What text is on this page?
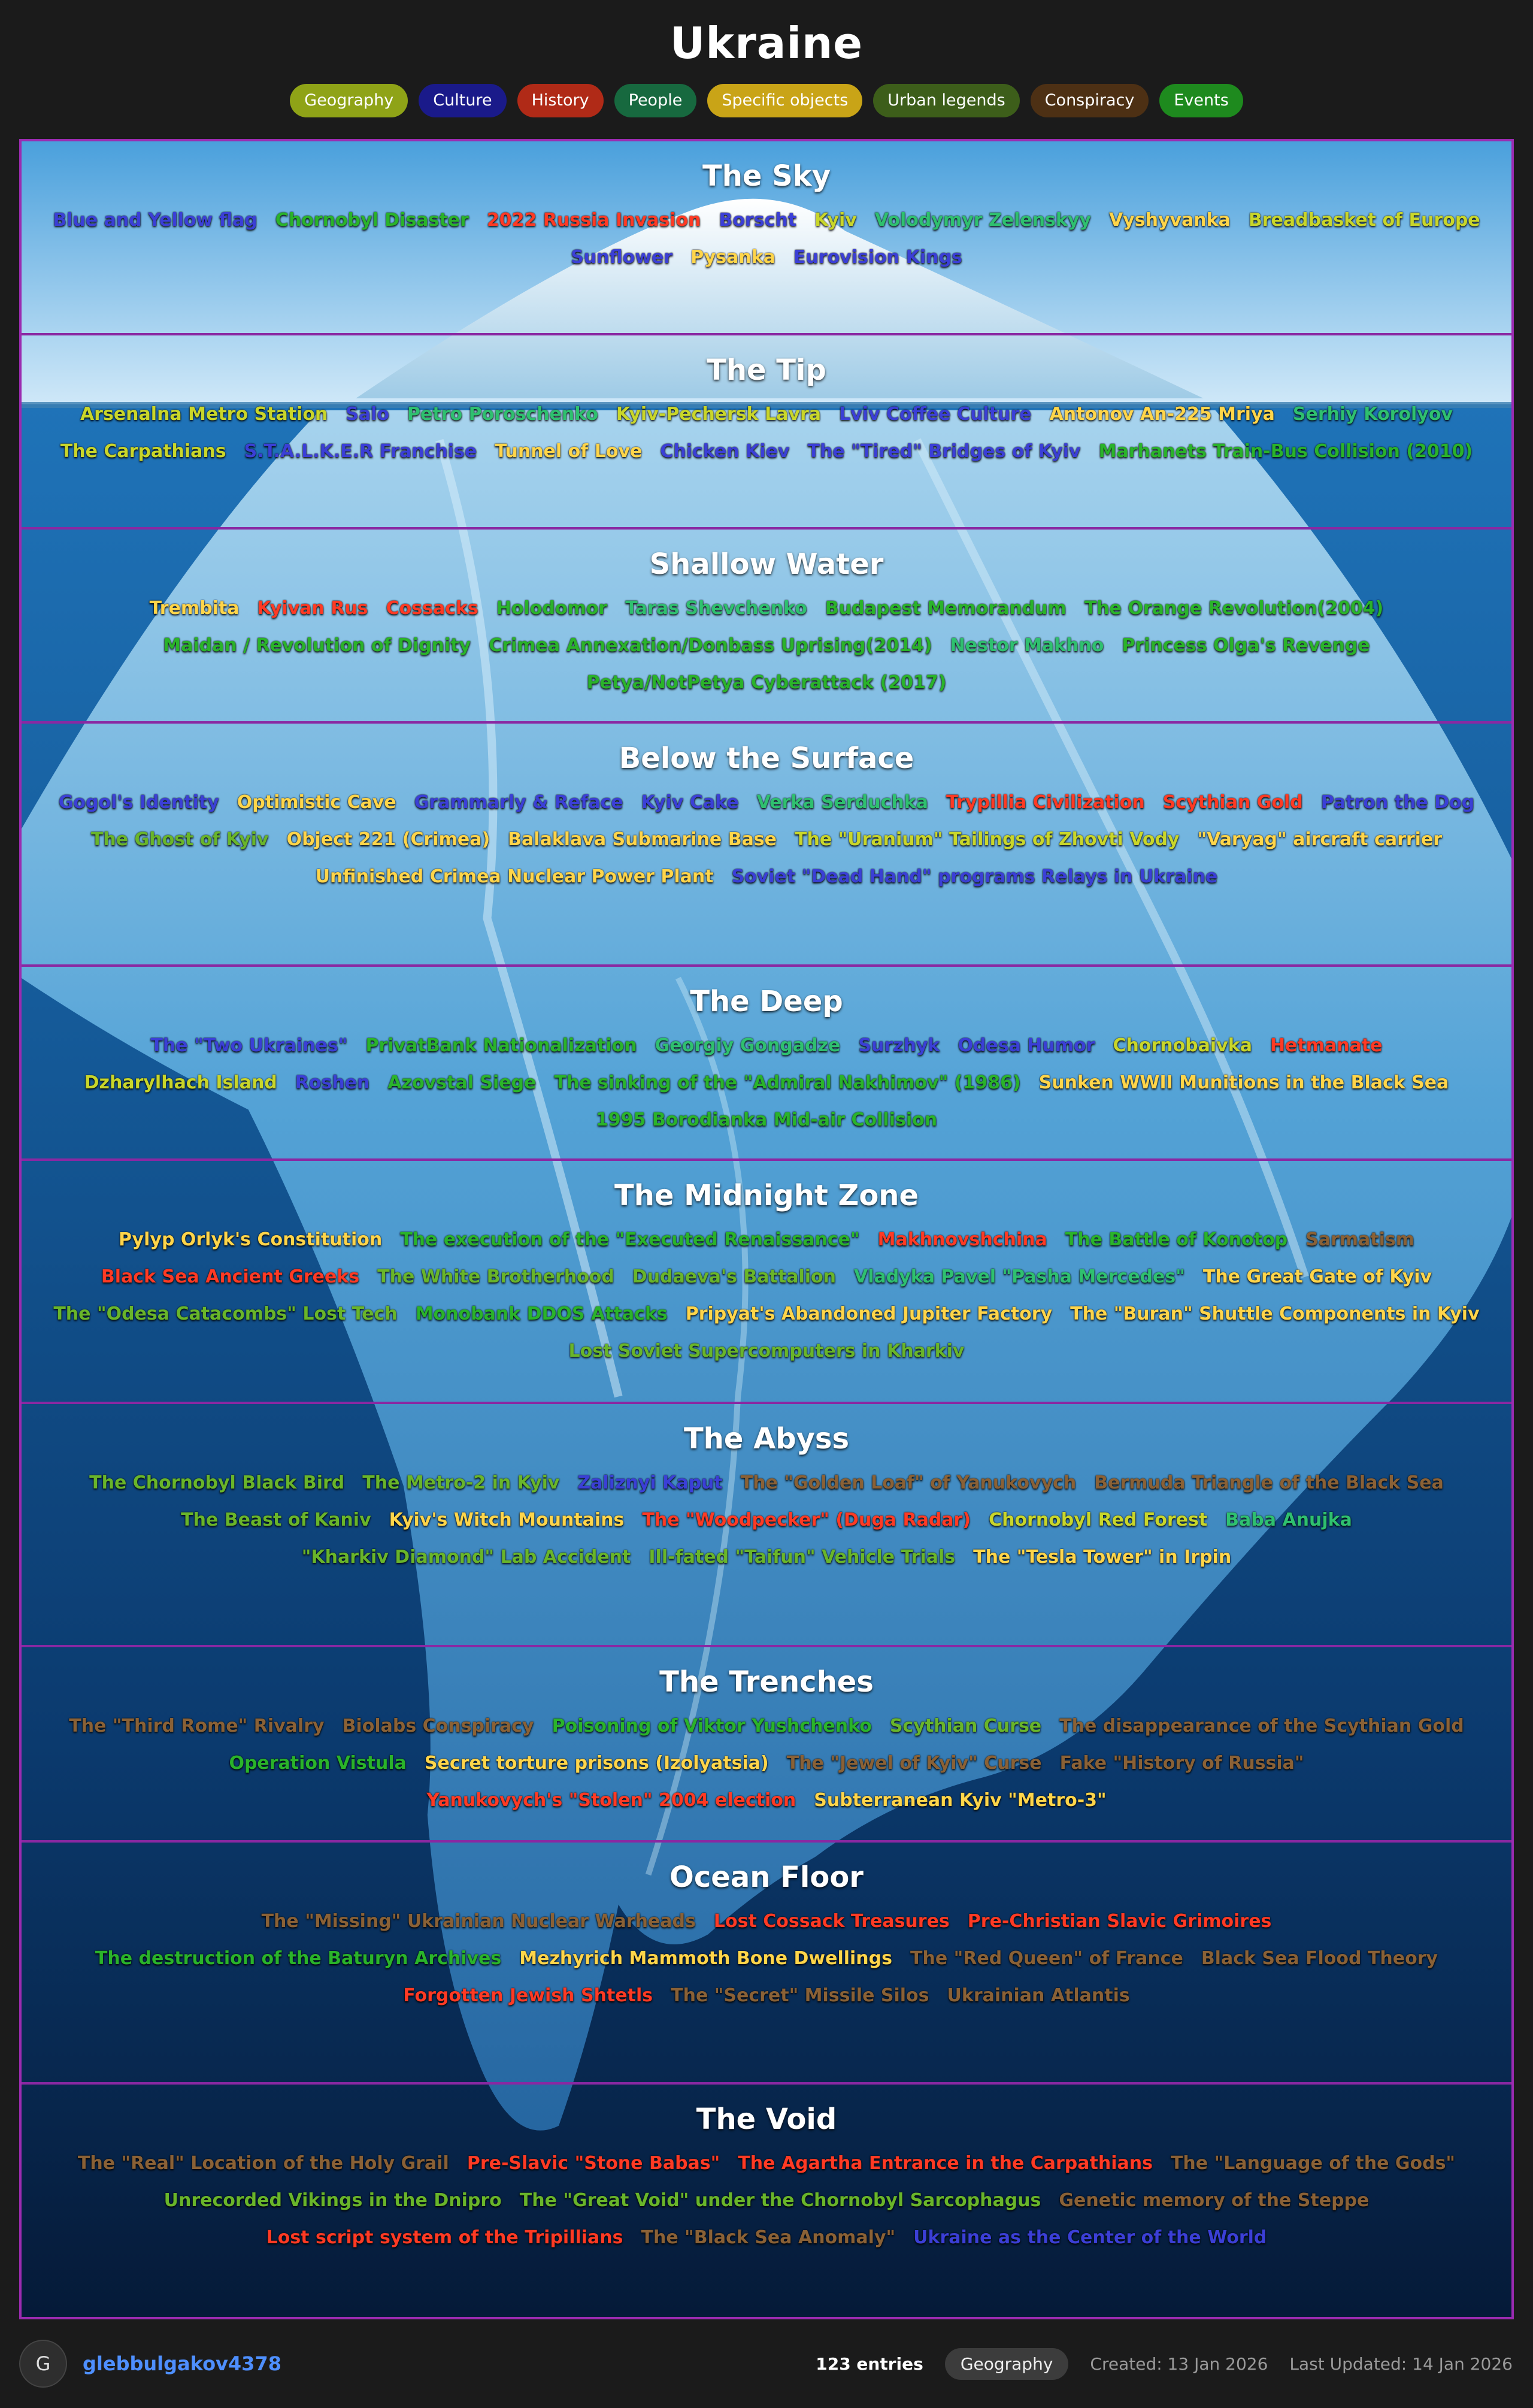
Ukraine
Geography	Culture	History	People	Specific objects	Urban legends	Conspiracy	Events
The Sky
Blue and Yellow flag Chornobyl Disaster 2022 Russia Invasion Borscht Kyiv Volodymyr Zelenskyy Vyshyvanka Breadbasket of Europe
Sunflower Pysanka Eurovision Kings
The Tip
Arsenalna Metro Station Salo Petro Poroschenko Kyiv-Pechersk Lavra Lviv Coffee Culture Antonov An-225 Mriya Serhiy Korolyov
The Carpathians S.T.A.L.K.E.R Franchise Tunnel of Love Chicken Kiev The "Tired" Bridges of Kyiv Marhanets Train-Bus Collision (2010)
Shallow Water
Trembita Kyivan Rus Cossacks Holodomor Taras Shevchenko Budapest Memorandum The Orange Revolution(2004)
Maidan / Revolution of Dignity Crimea Annexation/Donbass Uprising(2014) Nestor Makhno Princess Olga's Revenge
Petya/NotPetya Cyberattack (2017)
Below the Surface
Gogol's Identity Optimistic Cave Grammarly & Reface Kyiv Cake Verka Serduchka Trypillia Civilization Scythian Gold Patron the Dog
The Ghost of Kyiv Object 221 (Crimea) Balaklava Submarine Base The "Uranium" Tailings of Zhovti Vody "Varyag" aircraft carrier
Unfinished Crimea Nuclear Power Plant Soviet "Dead Hand" programs Relays in Ukraine
The Deep
The "Two Ukraines" PrivatBank Nationalization Georgiy Gongadze Surzhyk Odesa Humor Chornobaivka Hetmanate
Dzharylhach Island Roshen Azovstal Siege The sinking of the "Admiral Nakhimov" (1986) Sunken WWII Munitions in the Black Sea
1995 Borodianka Mid-air Collision
The Midnight Zone
Pylyp Orlyk's Constitution The execution of the "Executed Renaissance" Makhnovshchina The Battle of Konotop Sarmatism
Black Sea Ancient Greeks The White Brotherhood Dudaeva's Battalion Vladyka Pavel "Pasha Mercedes" The Great Gate of Kyiv
The "Odesa Catacombs" Lost Tech Monobank DDOS Attacks Pripyat's Abandoned Jupiter Factory The "Buran" Shuttle Components in Kyiv
Lost Soviet Supercomputers in Kharkiv
The Abyss
The Chornobyl Black Bird The Metro-2 in Kyiv Zaliznyi Kaput The "Golden Loaf" of Yanukovych Bermuda Triangle of the Black Sea
The Beast of Kaniv Kyiv's Witch Mountains The "Woodpecker" (Duga Radar) Chornobyl Red Forest Baba Anujka
"Kharkiv Diamond" Lab Accident Ill-fated "Taifun" Vehicle Trials The "Tesla Tower" in Irpin
The Trenches
The "Third Rome" Rivalry Biolabs Conspiracy Poisoning of Viktor Yushchenko Scythian Curse The disappearance of the Scythian Gold
Operation Vistula Secret torture prisons (Izolyatsia) The "Jewel of Kyiv" Curse Fake "History of Russia"
Yanukovych's "Stolen" 2004 election Subterranean Kyiv "Metro-3"
Ocean Floor
The "Missing" Ukrainian Nuclear Warheads Lost Cossack Treasures Pre-Christian Slavic Grimoires
The destruction of the Baturyn Archives Mezhyrich Mammoth Bone Dwellings The "Red Queen" of France Black Sea Flood Theory
Forgotten Jewish Shtetls The "Secret" Missile Silos Ukrainian Atlantis
The Void
The "Real" Location of the Holy Grail Pre-Slavic "Stone Babas" The Agartha Entrance in the Carpathians The "Language of the Gods"
Unrecorded Vikings in the Dnipro The "Great Void" under the Chornobyl Sarcophagus Genetic memory of the Steppe
Lost script system of the Tripillians The "Black Sea Anomaly" Ukraine as the Center of the World
G	glebbulgakov4378	123 entries	Geography	Created: 13 Jan 2026 Last Updated: 14 Jan 2026
